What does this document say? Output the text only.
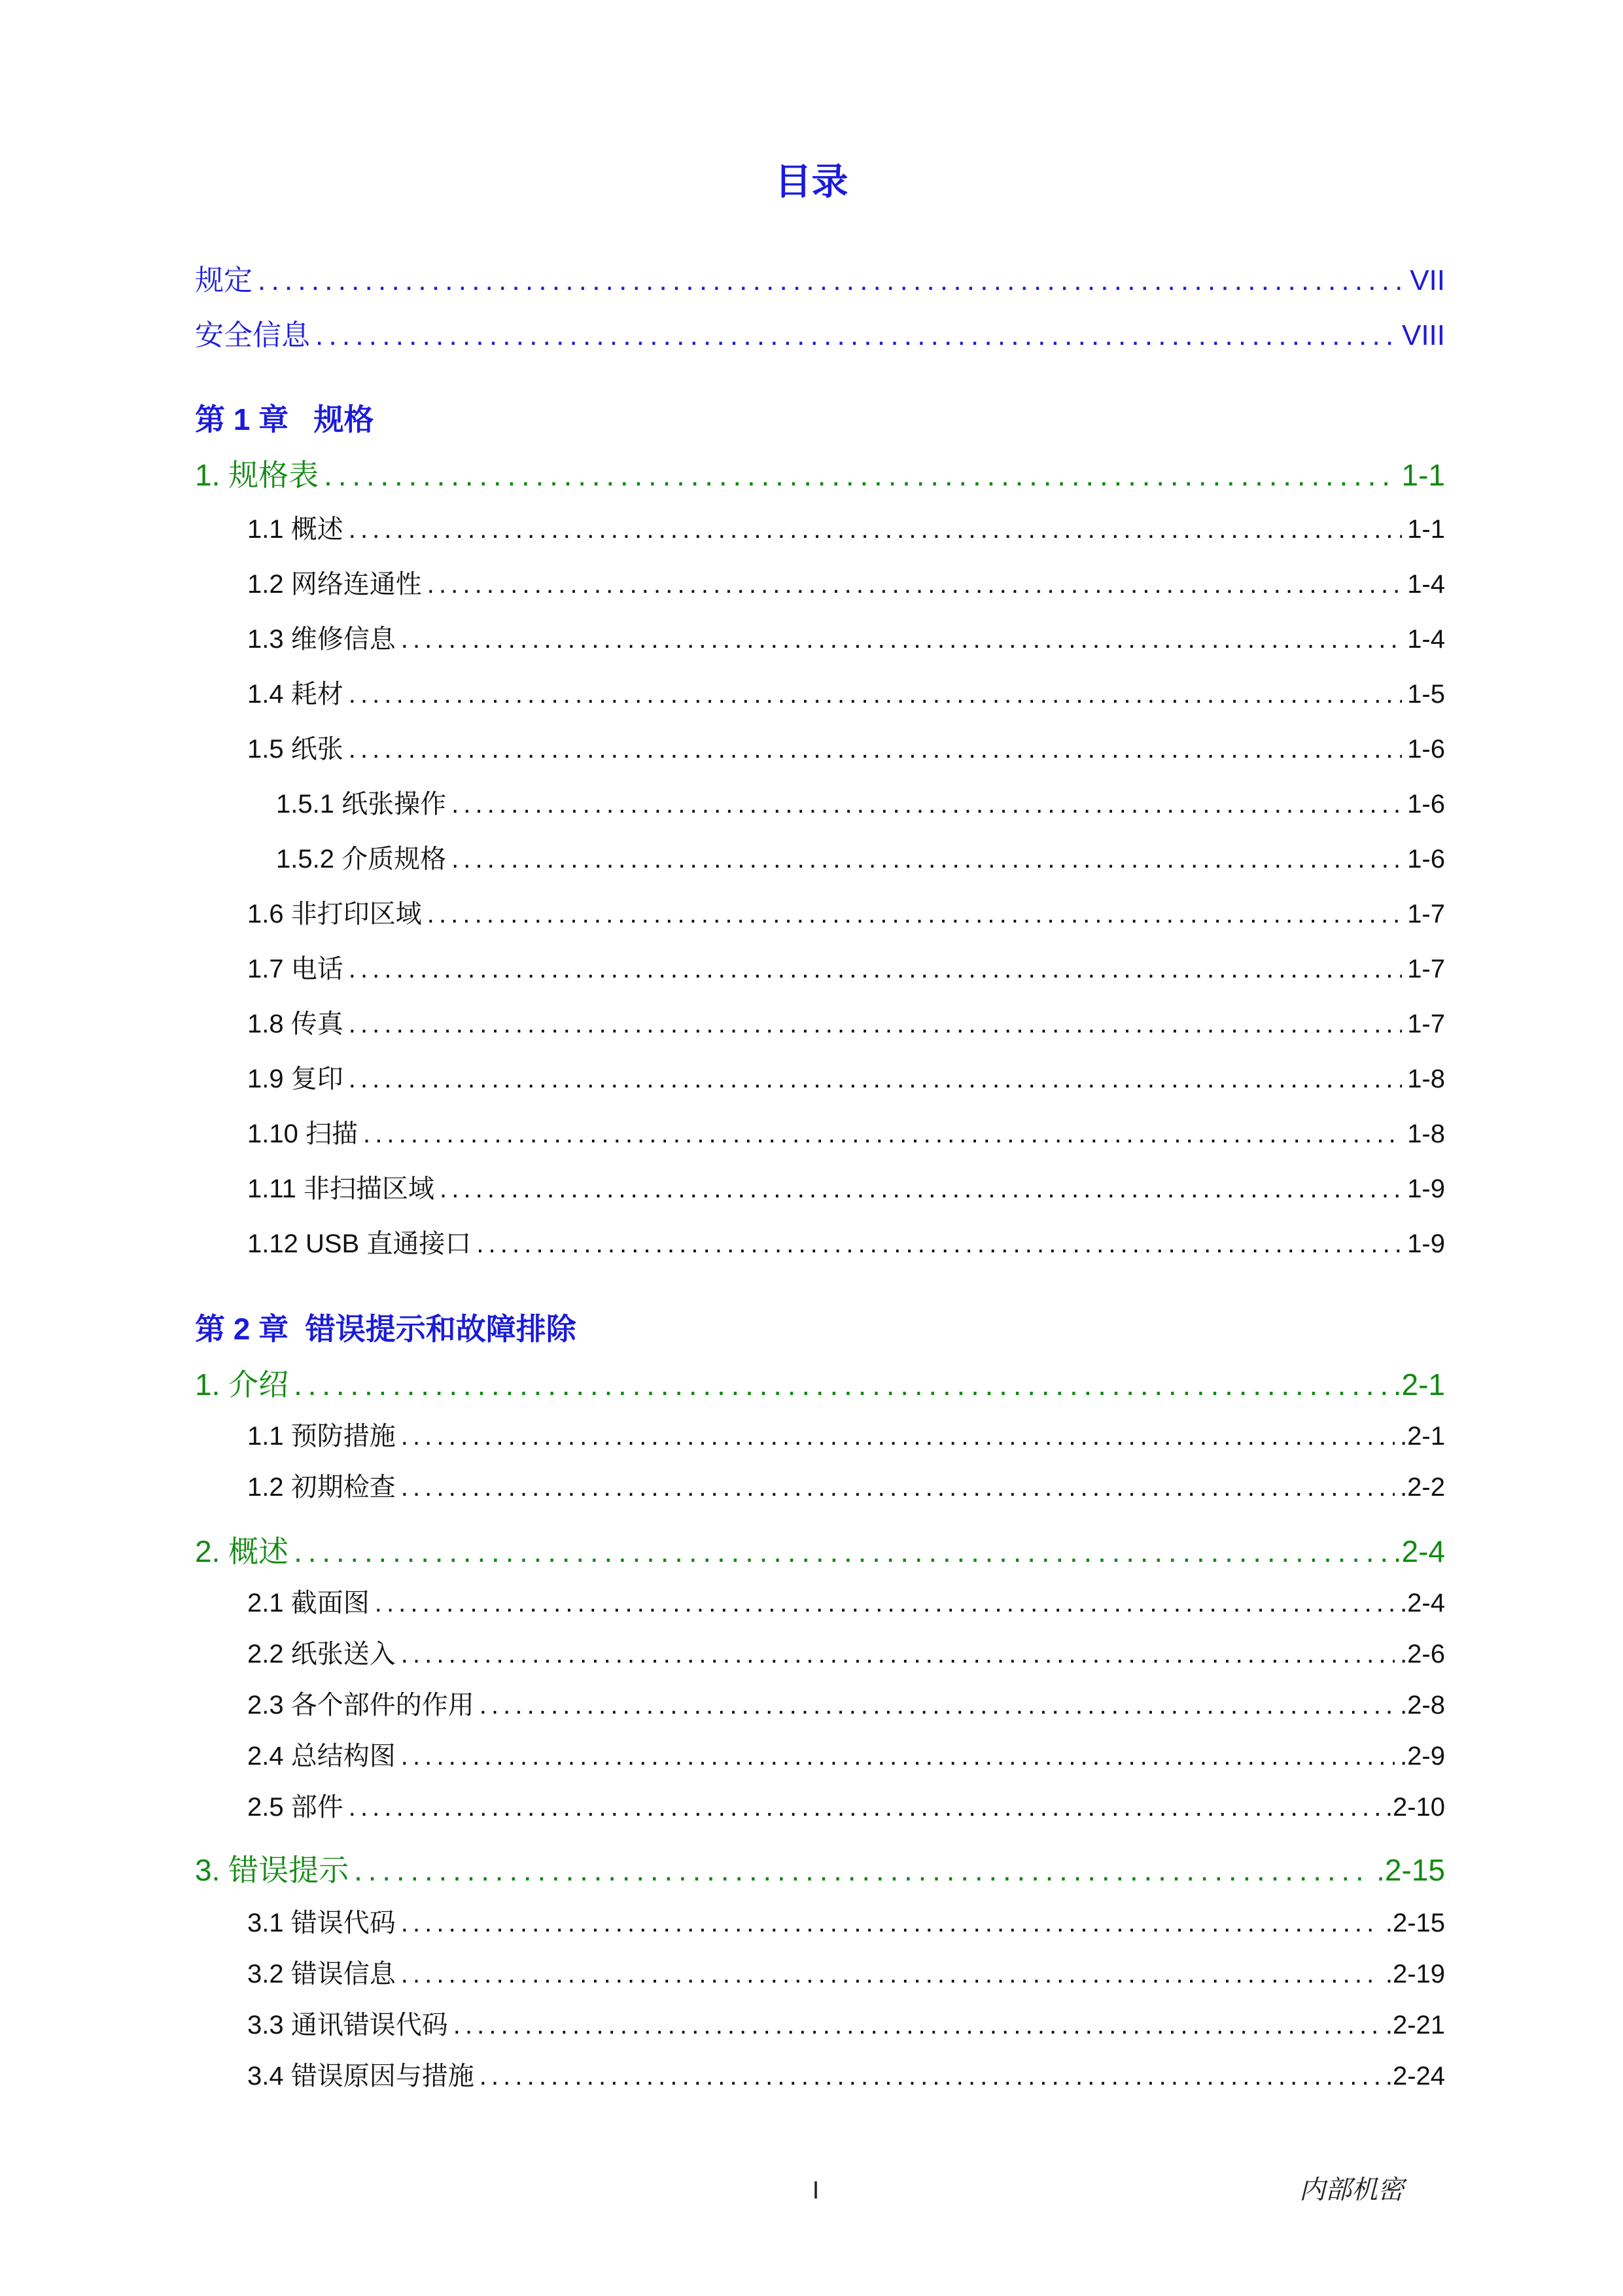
目录
规定 . . .	VII
安全信息 . . .	VIII
第 1 章   规格
1. 规格表 . . .	1-1
1.1 概述 . . .	1-1
1.2 网络连通性 . . .	1-4
1.3 维修信息 . . .	1-4
1.4 耗材 . . .	1-5
1.5 纸张 . . .	1-6
1.5.1 纸张操作 . . .	1-6
1.5.2 介质规格 . . .	1-6
1.6 非打印区域 . . .	1-7
1.7 电话 . . .	1-7
1.8 传真 . . .	1-7
1.9 复印 . . .	1-8
1.10 扫描 . . .	1-8
1.11 非扫描区域 . . .	1-9
1.12 USB 直通接口 . . .	1-9
第 2 章  错误提示和故障排除
1. 介绍 . . .	.2-1
1.1 预防措施 . . .	.2-1
1.2 初期检查 . . .	.2-2
2. 概述 . . .	.2-4
2.1 截面图 . . .	.2-4
2.2 纸张送入 . . .	.2-6
2.3 各个部件的作用 . . .	.2-8
2.4 总结构图 . . .	.2-9
2.5 部件 . . .	.2-10
3. 错误提示 . . .	.2-15
3.1 错误代码 . . .	.2-15
3.2 错误信息 . . .	.2-19
3.3 通讯错误代码 . . .	.2-21
3.4 错误原因与措施 . . .	.2-24
I	内部机密
